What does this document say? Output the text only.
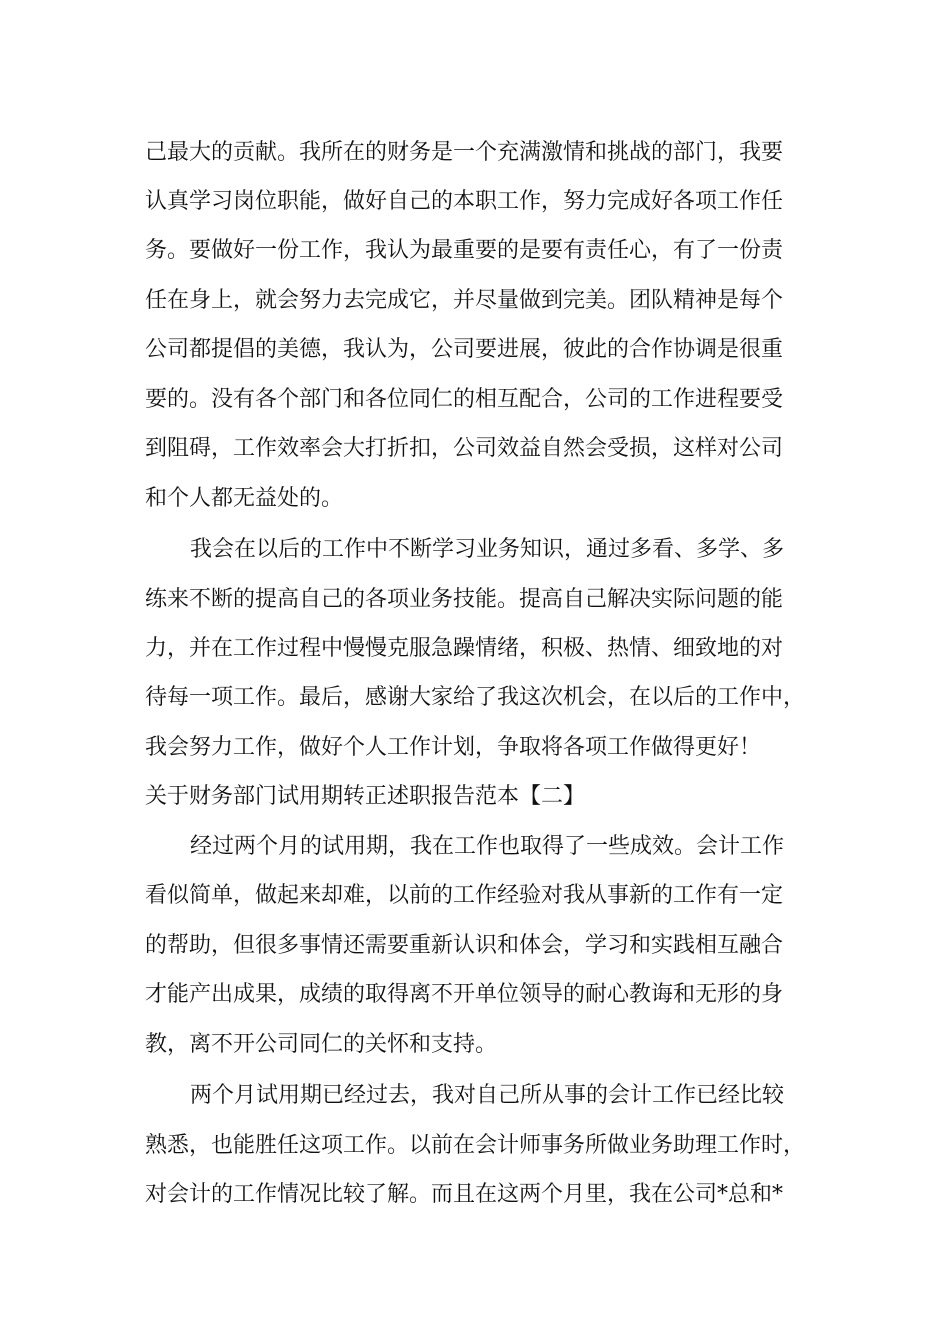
己最大的贡献。我所在的财务是一个充满激情和挑战的部门，我要
认真学习岗位职能，做好自己的本职工作，努力完成好各项工作任
务。要做好一份工作，我认为最重要的是要有责任心，有了一份责
任在身上，就会努力去完成它，并尽量做到完美。团队精神是每个
公司都提倡的美德，我认为，公司要进展，彼此的合作协调是很重
要的。没有各个部门和各位同仁的相互配合，公司的工作进程要受
到阻碍，工作效率会大打折扣，公司效益自然会受损，这样对公司
和个人都无益处的。
我会在以后的工作中不断学习业务知识，通过多看、多学、多
练来不断的提高自己的各项业务技能。提高自己解决实际问题的能
力，并在工作过程中慢慢克服急躁情绪，积极、热情、细致地的对
待每一项工作。最后，感谢大家给了我这次机会，在以后的工作中，
我会努力工作，做好个人工作计划，争取将各项工作做得更好！
关于财务部门试用期转正述职报告范本【二】
经过两个月的试用期，我在工作也取得了一些成效。会计工作
看似简单，做起来却难，以前的工作经验对我从事新的工作有一定
的帮助，但很多事情还需要重新认识和体会，学习和实践相互融合
才能产出成果，成绩的取得离不开单位领导的耐心教诲和无形的身
教，离不开公司同仁的关怀和支持。
两个月试用期已经过去，我对自己所从事的会计工作已经比较
熟悉，也能胜任这项工作。以前在会计师事务所做业务助理工作时，
对会计的工作情况比较了解。而且在这两个月里，我在公司*总和*
